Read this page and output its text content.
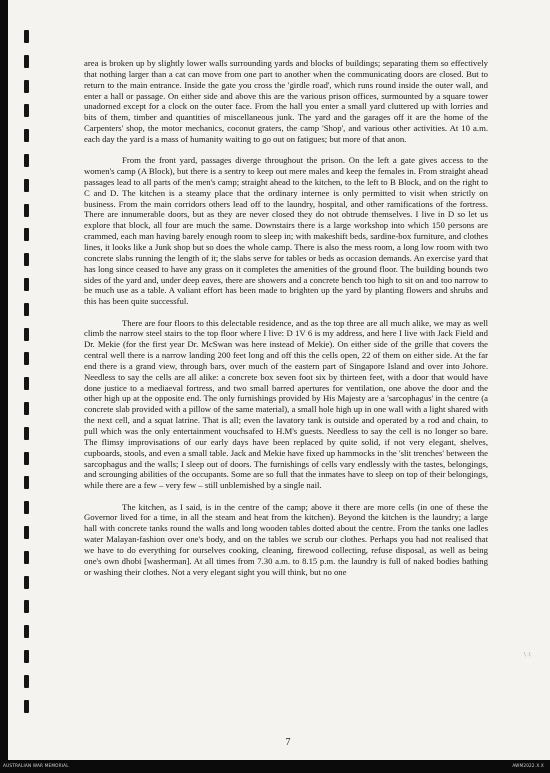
area is broken up by slightly lower walls surrounding yards and blocks of buildings; separating them so effectively that nothing larger than a cat can move from one part to another when the communicating doors are closed. But to return to the main entrance. Inside the gate you cross the 'girdle road', which runs round inside the outer wall, and enter a hall or passage. On either side and above this are the various prison offices, surmounted by a square tower unadorned except for a clock on the outer face. From the hall you enter a small yard cluttered up with lorries and bits of them, timber and quantities of miscellaneous junk. The yard and the garages off it are the home of the Carpenters' shop, the motor mechanics, coconut graters, the camp 'Shop', and various other activities. At 10 a.m. each day the yard is a mass of humanity waiting to go out on fatigues; but more of that anon.

From the front yard, passages diverge throughout the prison. On the left a gate gives access to the women's camp (A Block), but there is a sentry to keep out mere males and keep the females in. From straight ahead passages lead to all parts of the men's camp; straight ahead to the kitchen, to the left to B Block, and on the right to C and D. The kitchen is a steamy place that the ordinary internee is only permitted to visit when strictly on business. From the main corridors others lead off to the laundry, hospital, and other ramifications of the fortress. There are innumerable doors, but as they are never closed they do not obtrude themselves. I live in D so let us explore that block, all four are much the same. Downstairs there is a large workshop into which 150 persons are crammed, each man having barely enough room to sleep in; with makeshift beds, sardine-box furniture, and clothes lines, it looks like a Junk shop but so does the whole camp. There is also the mess room, a long low room with two concrete slabs running the length of it; the slabs serve for tables or beds as occasion demands. An exercise yard that has long since ceased to have any grass on it completes the amenities of the ground floor. The building bounds two sides of the yard and, under deep eaves, there are showers and a concrete bench too high to sit on and too narrow to be much use as a table. A valiant effort has been made to brighten up the yard by planting flowers and shrubs and this has been quite successful.

There are four floors to this delectable residence, and as the top three are all much alike, we may as well climb the narrow steel stairs to the top floor where I live: D 1V 6 is my address, and here I live with Jack Field and Dr. Mekie (for the first year Dr. McSwan was here instead of Mekie). On either side of the grille that covers the central well there is a narrow landing 200 feet long and off this the cells open, 22 of them on either side. At the far end there is a grand view, through bars, over much of the eastern part of Singapore Island and over into Johore. Needless to say the cells are all alike: a concrete box seven foot six by thirteen feet, with a door that would have done justice to a mediaeval fortress, and two small barred apertures for ventilation, one above the door and the other high up at the opposite end. The only furnishings provided by His Majesty are a 'sarcophagus' in the centre (a concrete slab provided with a pillow of the same material), a small hole high up in one wall with a light shared with the next cell, and a squat latrine. That is all; even the lavatory tank is outside and operated by a rod and chain, to pull which was the only entertainment vouchsafed to H.M's guests. Needless to say the cell is no longer so bare. The flimsy improvisations of our early days have been replaced by quite solid, if not very elegant, shelves, cupboards, stools, and even a small table. Jack and Mekie have fixed up hammocks in the 'slit trenches' between the sarcophagus and the walls; I sleep out of doors. The furnishings of cells vary endlessly with the tastes, belongings, and scrounging abilities of the occupants. Some are so full that the inmates have to sleep on top of their belongings, while there are a few – very few – still unblemished by a single nail.

The kitchen, as I said, is in the centre of the camp; above it there are more cells (in one of these the Governor lived for a time, in all the steam and heat from the kitchen). Beyond the kitchen is the laundry; a large hall with concrete tanks round the walls and long wooden tables dotted about the centre. From the tanks one ladles water Malayan-fashion over one's body, and on the tables we scrub our clothes. Perhaps you had not realised that we have to do everything for ourselves cooking, cleaning, firewood collecting, refuse disposal, as well as being one's own dhobi [washerman]. At all times from 7.30 a.m. to 8.15 p.m. the laundry is full of naked bodies bathing or washing their clothes. Not a very elegant sight you will think, but no one

7
\ .\
AUSTRALIAN WAR MEMORIAL	AWM2022.X.X
